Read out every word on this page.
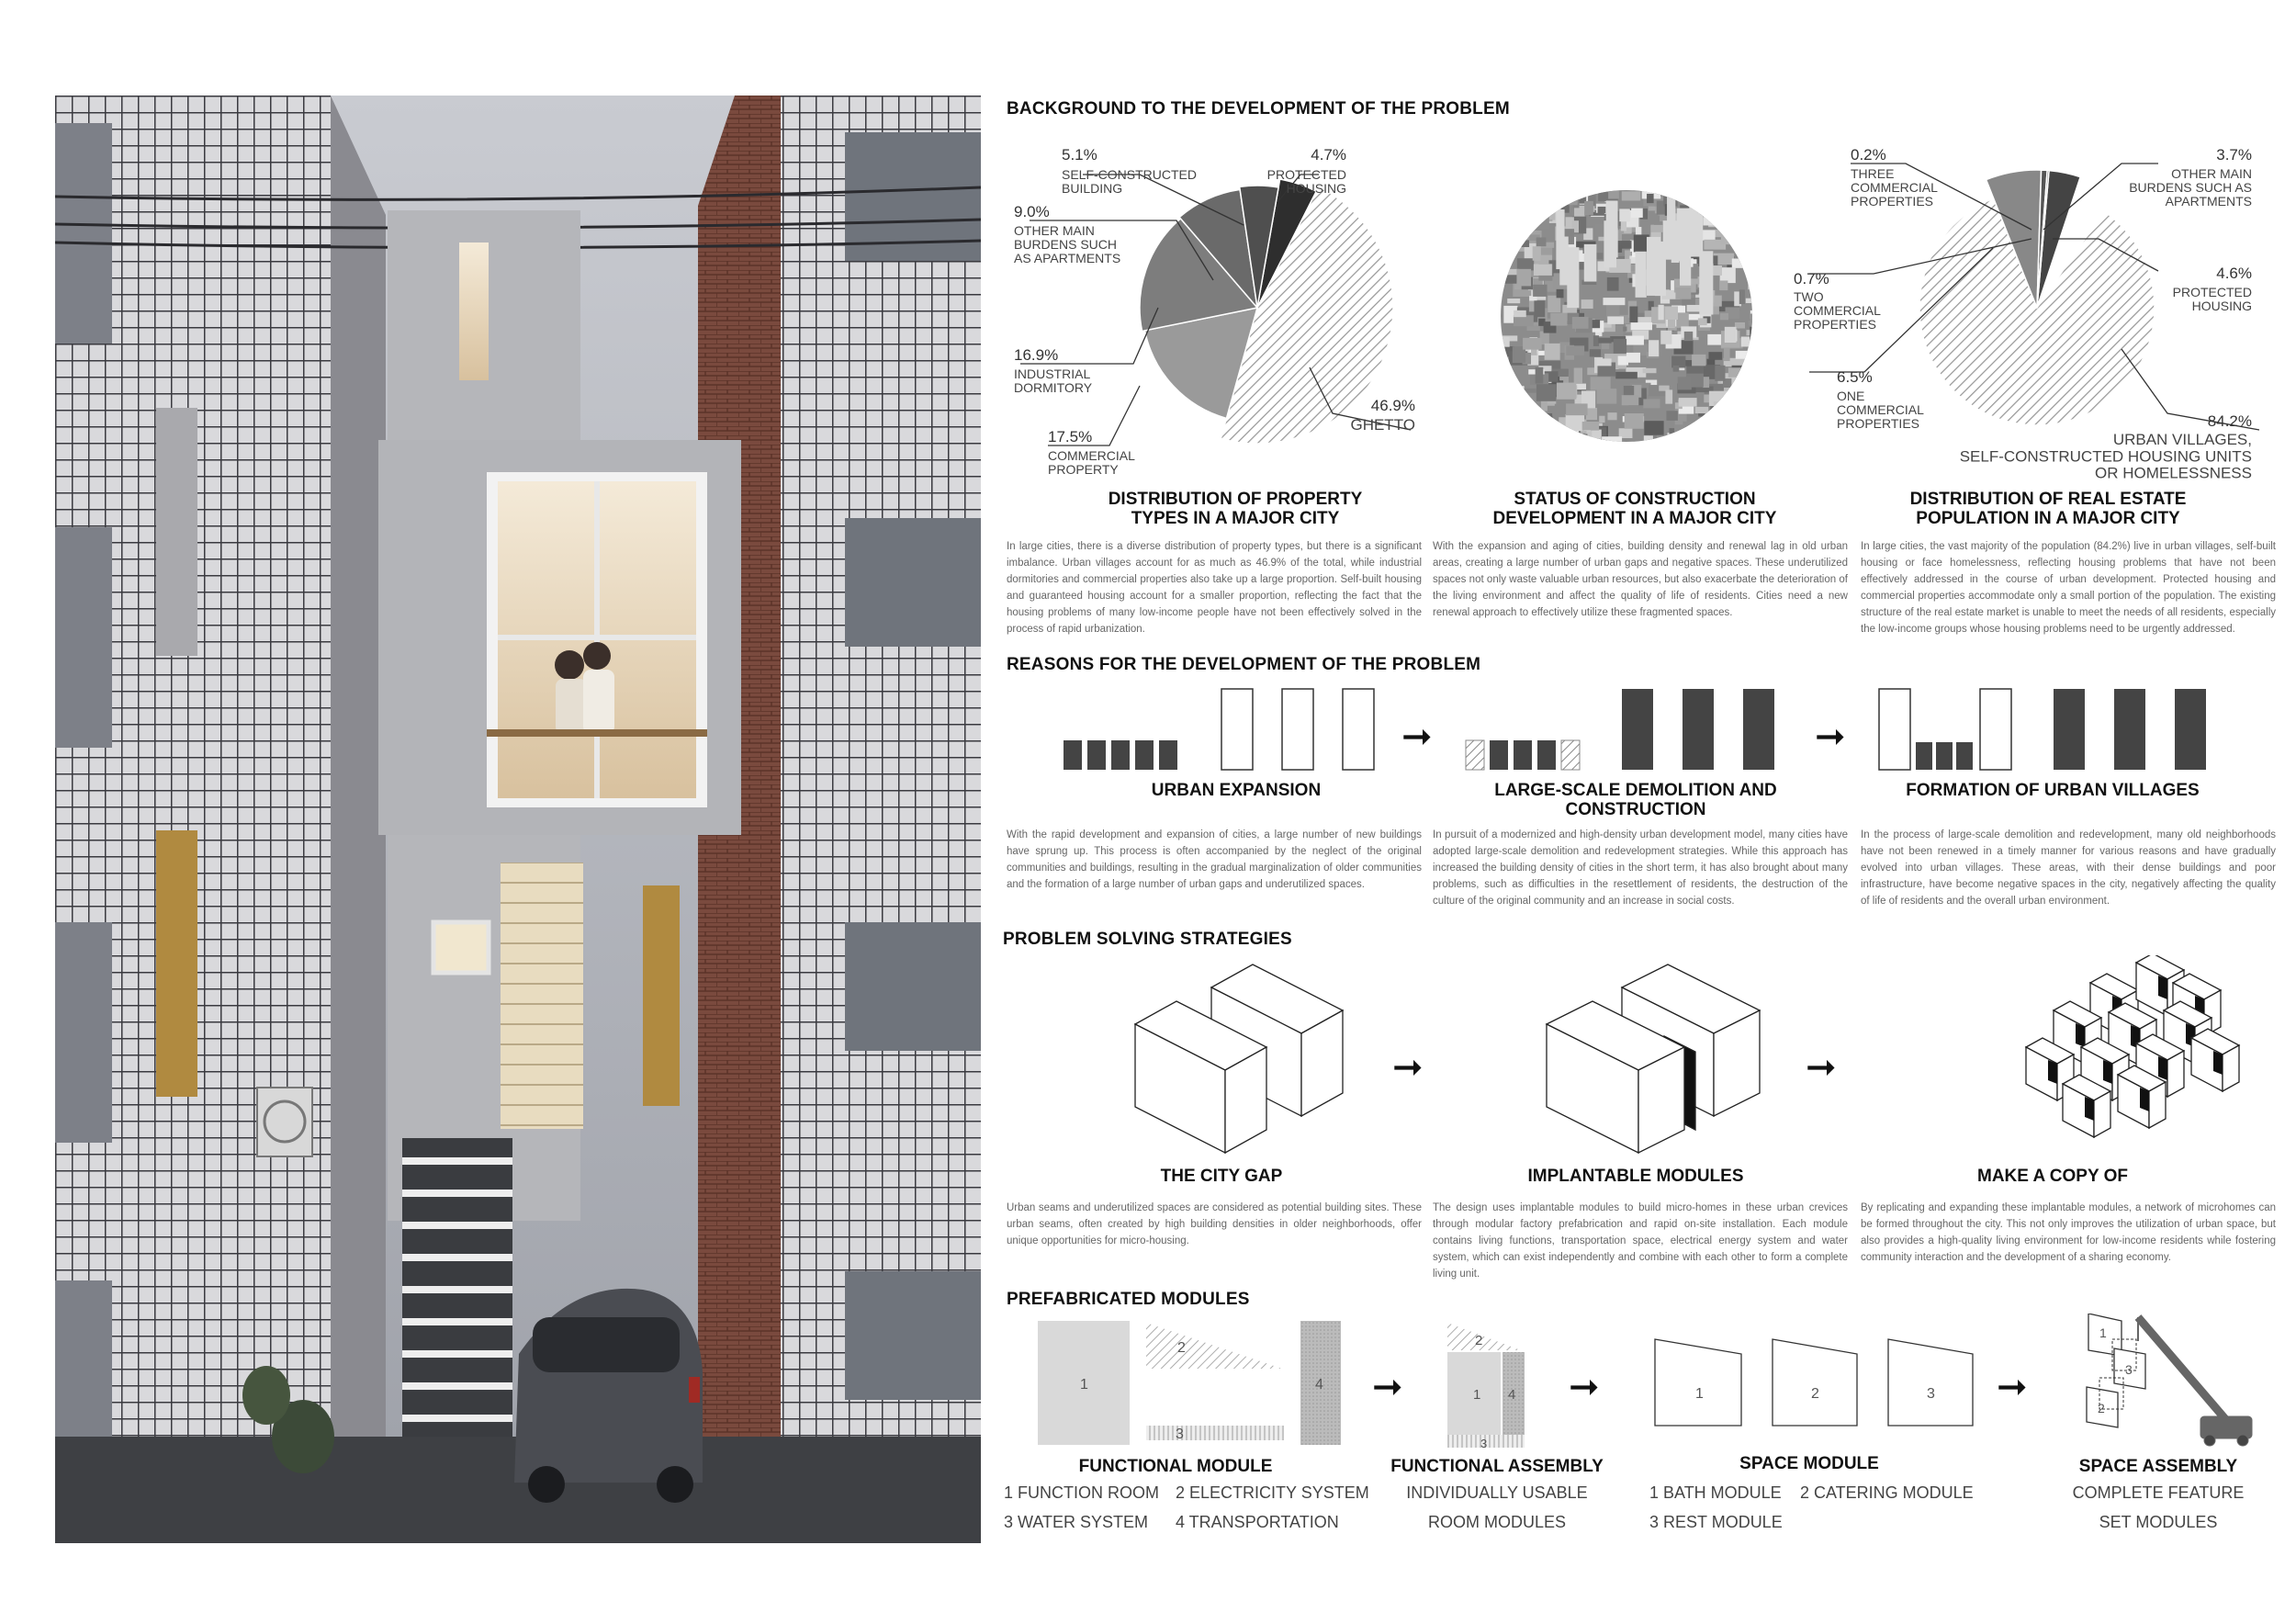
BACKGROUND TO THE DEVELOPMENT OF THE PROBLEM
5.1%
SELF-CONSTRUCTED BUILDING
4.7%
PROTECTED HOUSING
9.0%
OTHER MAIN BURDENS SUCH AS APARTMENTS
16.9%
INDUSTRIAL DORMITORY
17.5%
COMMERCIAL PROPERTY
46.9%
GHETTO
DISTRIBUTION OF PROPERTY
TYPES IN A MAJOR CITY
In large cities, there is a diverse distribution of property types, but there is a significant imbalance. Urban villages account for as much as 46.9% of the total, while industrial dormitories and commercial properties also take up a large proportion. Self-built housing and guaranteed housing account for a smaller proportion, reflecting the fact that the housing problems of many low-income people have not been effectively solved in the process of rapid urbanization.
STATUS OF CONSTRUCTION
DEVELOPMENT IN A MAJOR CITY
With the expansion and aging of cities, building density and renewal lag in old urban areas, creating a large number of urban gaps and negative spaces. These underutilized spaces not only waste valuable urban resources, but also exacerbate the deterioration of the living environment and affect the quality of life of residents. Cities need a new renewal approach to effectively utilize these fragmented spaces.
0.2%
THREE COMMERCIAL PROPERTIES
3.7%
OTHER MAIN BURDENS SUCH AS APARTMENTS
0.7%
TWO COMMERCIAL PROPERTIES
4.6%
PROTECTED HOUSING
6.5%
ONE COMMERCIAL PROPERTIES	84.2%
URBAN VILLAGES, SELF-CONSTRUCTED HOUSING UNITS OR HOMELESSNESS
DISTRIBUTION OF REAL ESTATE
POPULATION IN A MAJOR CITY
In large cities, the vast majority of the population (84.2%) live in urban villages, self-built housing or face homelessness, reflecting housing problems that have not been effectively addressed in the course of urban development. Protected housing and commercial properties accommodate only a small portion of the population. The existing structure of the real estate market is unable to meet the needs of all residents, especially the low-income groups whose housing problems need to be urgently addressed.
REASONS FOR THE DEVELOPMENT OF THE PROBLEM
➞	➞
URBAN EXPANSION	LARGE-SCALE DEMOLITION AND
CONSTRUCTION
FORMATION OF URBAN VILLAGES
With the rapid development and expansion of cities, a large number of new buildings have sprung up. This process is often accompanied by the neglect of the original communities and buildings, resulting in the gradual marginalization of older communities and the formation of a large number of urban gaps and underutilized spaces.
In pursuit of a modernized and high-density urban development model, many cities have adopted large-scale demolition and redevelopment strategies. While this approach has increased the building density of cities in the short term, it has also brought about many problems, such as difficulties in the resettlement of residents, the destruction of the culture of the original community and an increase in social costs.
In the process of large-scale demolition and redevelopment, many old neighborhoods have not been renewed in a timely manner for various reasons and have gradually evolved into urban villages. These areas, with their dense buildings and poor infrastructure, have become negative spaces in the city, negatively affecting the quality of life of residents and the overall urban environment.
PROBLEM SOLVING STRATEGIES
➞	➞
THE CITY GAP	IMPLANTABLE MODULES	MAKE A COPY OF
Urban seams and underutilized spaces are considered as potential building sites. These urban seams, often created by high building densities in older neighborhoods, offer unique opportunities for micro-housing.
The design uses implantable modules to build micro-homes in these urban crevices through modular factory prefabrication and rapid on-site installation. Each module contains living functions, transportation space, electrical energy system and water system, which can exist independently and combine with each other to form a complete living unit.
By replicating and expanding these implantable modules, a network of microhomes can be formed throughout the city. This not only improves the utilization of urban space, but also provides a high-quality living environment for low-income residents while fostering community interaction and the development of a sharing economy.
PREFABRICATED MODULES
1
2
3
4 ➞
2
1 4
3
➞	1	2	3 ➞
1
3
2
FUNCTIONAL MODULE
1 FUNCTION ROOM 2 ELECTRICITY SYSTEM
3 WATER SYSTEM 4 TRANSPORTATION
FUNCTIONAL ASSEMBLY
INDIVIDUALLY USABLE
ROOM MODULES
SPACE MODULE
1 BATH MODULE 2 CATERING MODULE
3 REST MODULE
SPACE ASSEMBLY
COMPLETE FEATURE
SET MODULES
